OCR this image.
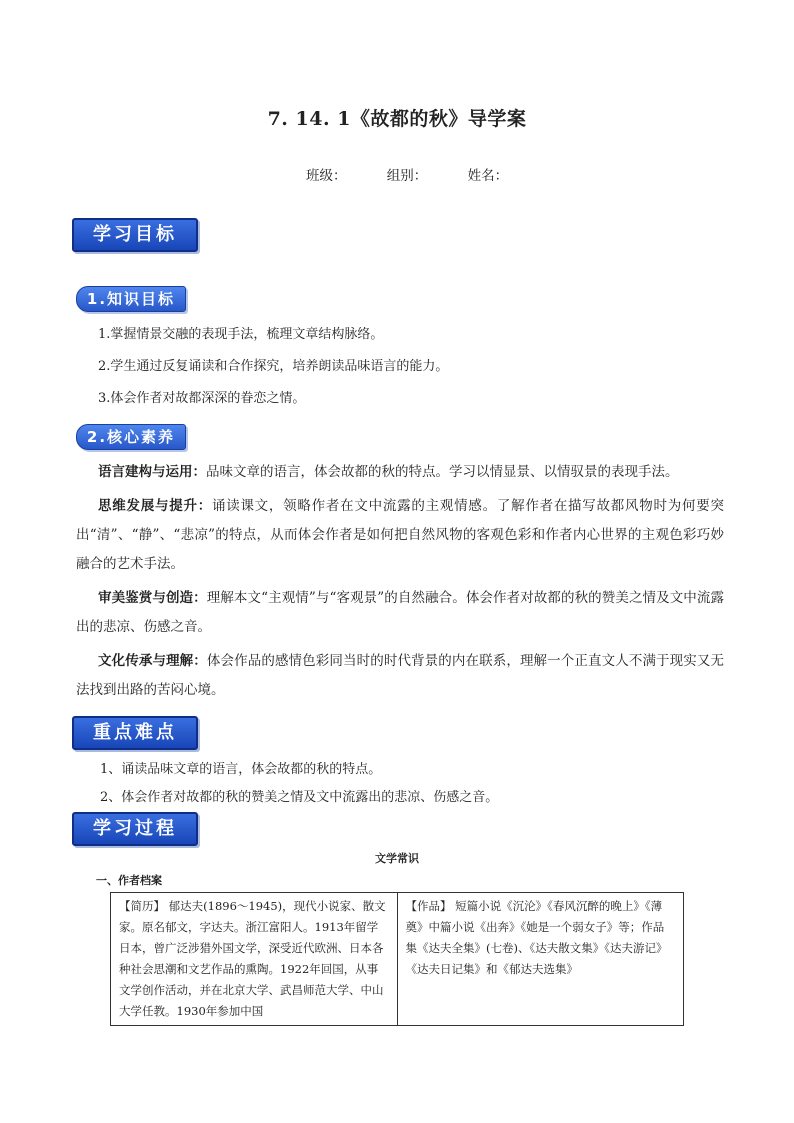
7. 14. 1《故都的秋》导学案
班级：	组别：	姓名：
学习目标
1.知识目标
1.掌握情景交融的表现手法，梳理文章结构脉络。
2.学生通过反复诵读和合作探究，培养朗读品味语言的能力。
3.体会作者对故都深深的眷恋之情。
2.核心素养
语言建构与运用：品味文章的语言，体会故都的秋的特点。学习以情显景、以情驭景的表现手法。
思维发展与提升：诵读课文，领略作者在文中流露的主观情感。了解作者在描写故都风物时为何要突出“清”、“静”、“悲凉”的特点，从而体会作者是如何把自然风物的客观色彩和作者内心世界的主观色彩巧妙融合的艺术手法。
审美鉴赏与创造：理解本文“主观情”与“客观景”的自然融合。体会作者对故都的秋的赞美之情及文中流露出的悲凉、伤感之音。
文化传承与理解：体会作品的感情色彩同当时的时代背景的内在联系，理解一个正直文人不满于现实又无法找到出路的苦闷心境。
重点难点
1、诵读品味文章的语言，体会故都的秋的特点。
2、体会作者对故都的秋的赞美之情及文中流露出的悲凉、伤感之音。
学习过程
文学常识
一、作者档案
【简历】 郁达夫(1896～1945)，现代小说家、散文家。原名郁文，字达夫。浙江富阳人。1913年留学日本，曾广泛涉猎外国文学，深受近代欧洲、日本各种社会思潮和文艺作品的熏陶。1922年回国，从事文学创作活动，并在北京大学、武昌师范大学、中山大学任教。1930年参加中国	【作品】 短篇小说《沉沦》《春风沉醉的晚上》《薄奠》中篇小说《出奔》《她是一个弱女子》等；作品集《达夫全集》(七卷)、《达夫散文集》《达夫游记》《达夫日记集》和《郁达夫选集》
